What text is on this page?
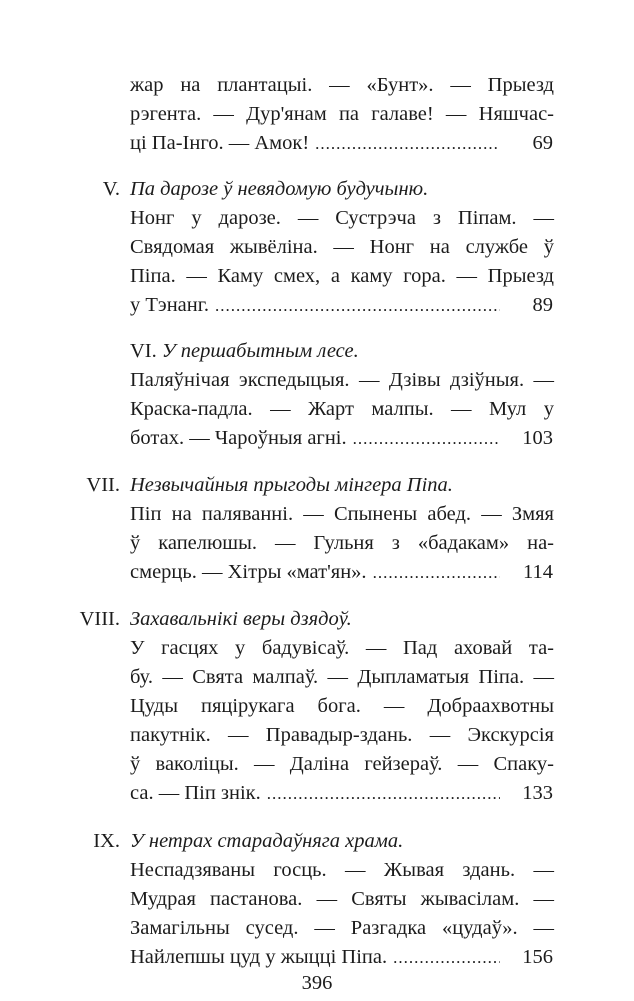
жар на плантацыі. — «Бунт». — Прыезд
рэгента. — Дур'янам па галаве! — Няшчас-
ці Па-Інго. — Амок! .....	69
V. Па дарозе ў невядомую будучыню.
Нонг у дарозе. — Сустрэча з Піпам. —
Свядомая жывёліна. — Нонг на службе ў
Піпа. — Каму смех, а каму гора. — Прыезд
у Тэнанг. .....	89
VI. У першабытным лесе.
Паляўнічая экспедыцыя. — Дзівы дзіўныя. —
Краска-падла. — Жарт малпы. — Мул у
ботах. — Чароўныя агні. .....	103
VII. Незвычайныя прыгоды мінгера Піпа.
Піп на паляванні. — Спынены абед. — Змяя
ў капелюшы. — Гульня з «бадакам» на-
смерць. — Хітры «мат'ян». .....	114
VIII. Захавальнікі веры дзядоў.
У гасцях у бадувісаў. — Пад аховай та-
бу. — Свята малпаў. — Дыпламатыя Піпа. —
Цуды пяцірукага бога. — Добраахвотны
пакутнік. — Правадыр-здань. — Экскурсія
ў ваколіцы. — Даліна гейзераў. — Спаку-
са. — Піп знік. .....	133
IX. У нетрах старадаўняга храма.
Неспадзяваны госць. — Жывая здань. —
Мудрая пастанова. — Святы жывасілам. —
Замагільны сусед. — Разгадка «цудаў». —
Найлепшы цуд у жыцці Піпа. .....	156
396
